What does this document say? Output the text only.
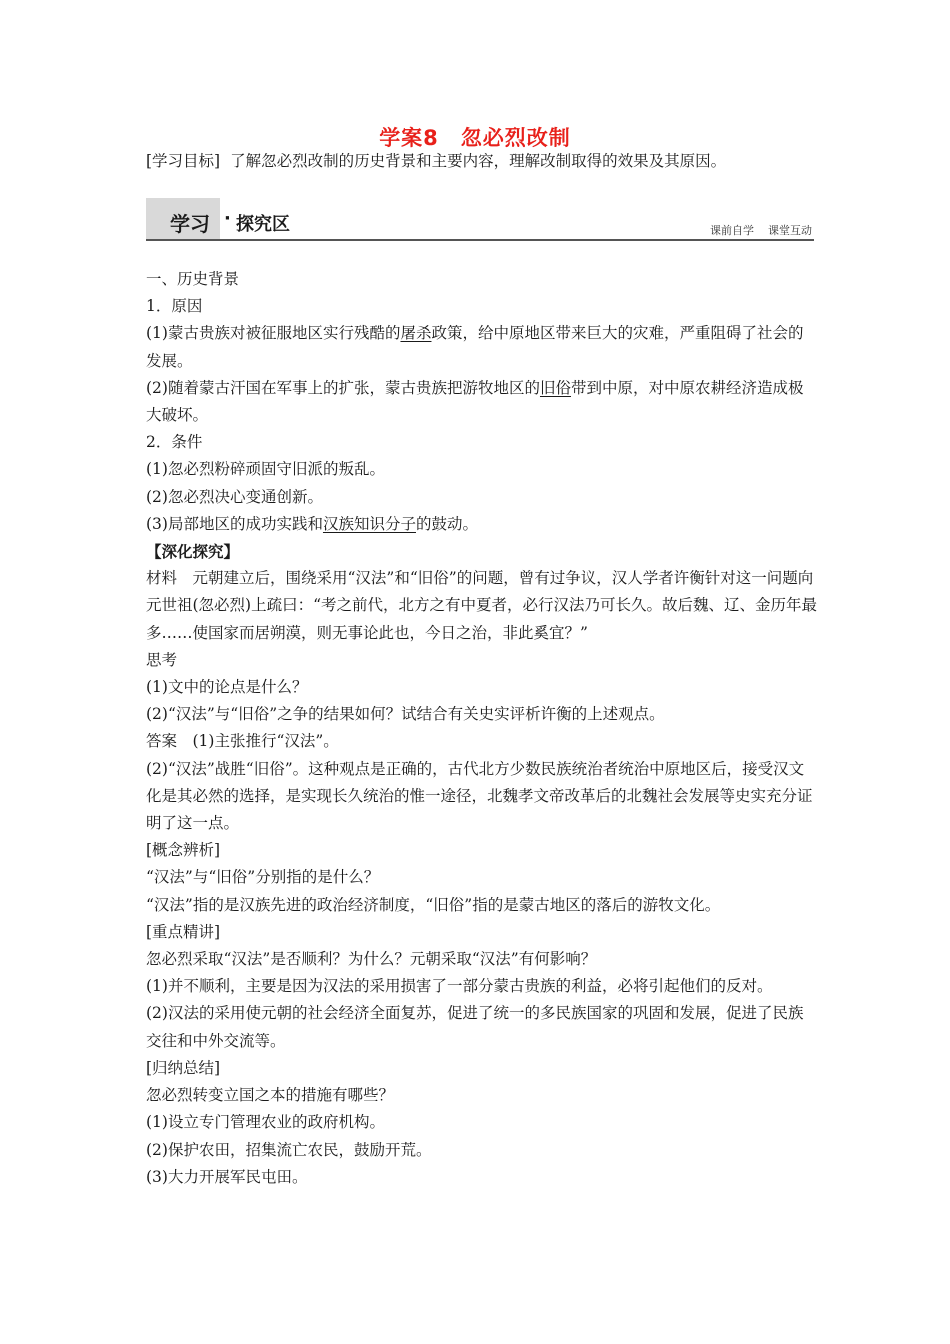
学案8　忽必烈改制
[学习目标] 了解忽必烈改制的历史背景和主要内容，理解改制取得的效果及其原因。
学习 · 探究区	课前自学 课堂互动

一、历史背景

1．原因

(1)蒙古贵族对被征服地区实行残酷的屠杀政策，给中原地区带来巨大的灾难，严重阻碍了社会的发展。

(2)随着蒙古汗国在军事上的扩张，蒙古贵族把游牧地区的旧俗带到中原，对中原农耕经济造成极大破坏。

2．条件

(1)忽必烈粉碎顽固守旧派的叛乱。

(2)忽必烈决心变通创新。

(3)局部地区的成功实践和汉族知识分子的鼓动。

【深化探究】

材料　元朝建立后，围绕采用“汉法”和“旧俗”的问题，曾有过争议，汉人学者许衡针对这一问题向元世祖(忽必烈)上疏曰：“考之前代，北方之有中夏者，必行汉法乃可长久。故后魏、辽、金历年最多……使国家而居朔漠，则无事论此也，今日之治，非此奚宜？”

思考

(1)文中的论点是什么？

(2)“汉法”与“旧俗”之争的结果如何？试结合有关史实评析许衡的上述观点。

答案　(1)主张推行“汉法”。

(2)“汉法”战胜“旧俗”。这种观点是正确的，古代北方少数民族统治者统治中原地区后，接受汉文化是其必然的选择，是实现长久统治的惟一途径，北魏孝文帝改革后的北魏社会发展等史实充分证明了这一点。

[概念辨析]

“汉法”与“旧俗”分别指的是什么？

“汉法”指的是汉族先进的政治经济制度，“旧俗”指的是蒙古地区的落后的游牧文化。

[重点精讲]

忽必烈采取“汉法”是否顺利？为什么？元朝采取“汉法”有何影响？

(1)并不顺利，主要是因为汉法的采用损害了一部分蒙古贵族的利益，必将引起他们的反对。

(2)汉法的采用使元朝的社会经济全面复苏，促进了统一的多民族国家的巩固和发展，促进了民族交往和中外交流等。

[归纳总结]

忽必烈转变立国之本的措施有哪些？

(1)设立专门管理农业的政府机构。

(2)保护农田，招集流亡农民，鼓励开荒。

(3)大力开展军民屯田。
